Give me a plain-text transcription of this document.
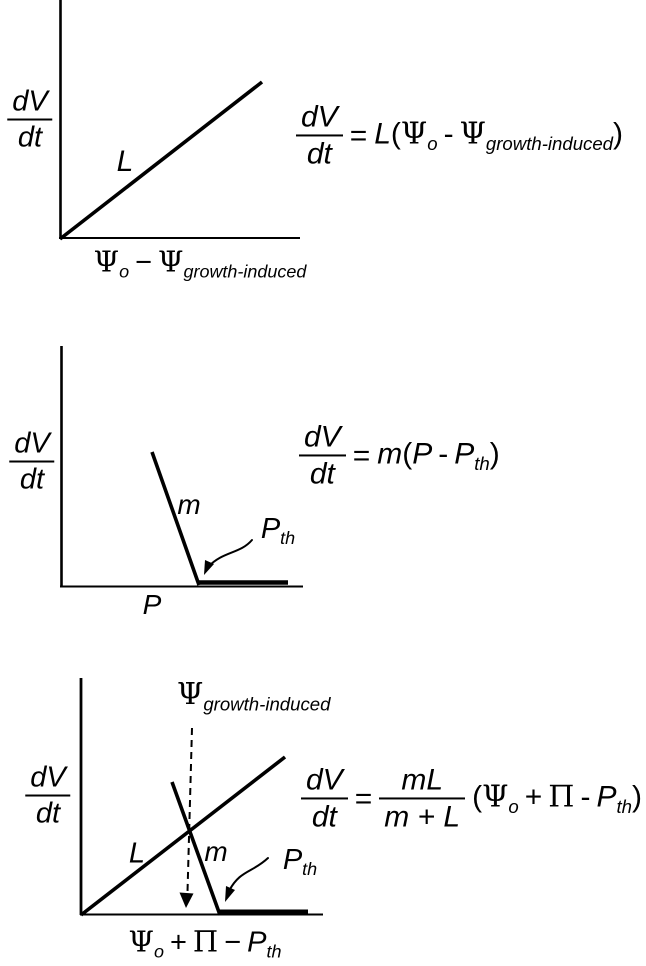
$\frac{dV}{dt}$
L
$\Psi_o - \Psi_{growth-induced}$
$\frac{dV}{dt} = L(\Psi_o - \Psi_{growth-induced})$
$\frac{dV}{dt}$
m
$P_{th}$
P
$\frac{dV}{dt} = m(P - P_{th})$
$\frac{dV}{dt}$
$\Psi_{growth-induced}$
L m $P_{th}$
$\Psi_o + \Pi - P_{th}$
$\frac{dV}{dt} = \frac{mL}{m + L} (\Psi_o + \Pi - P_{th})$
